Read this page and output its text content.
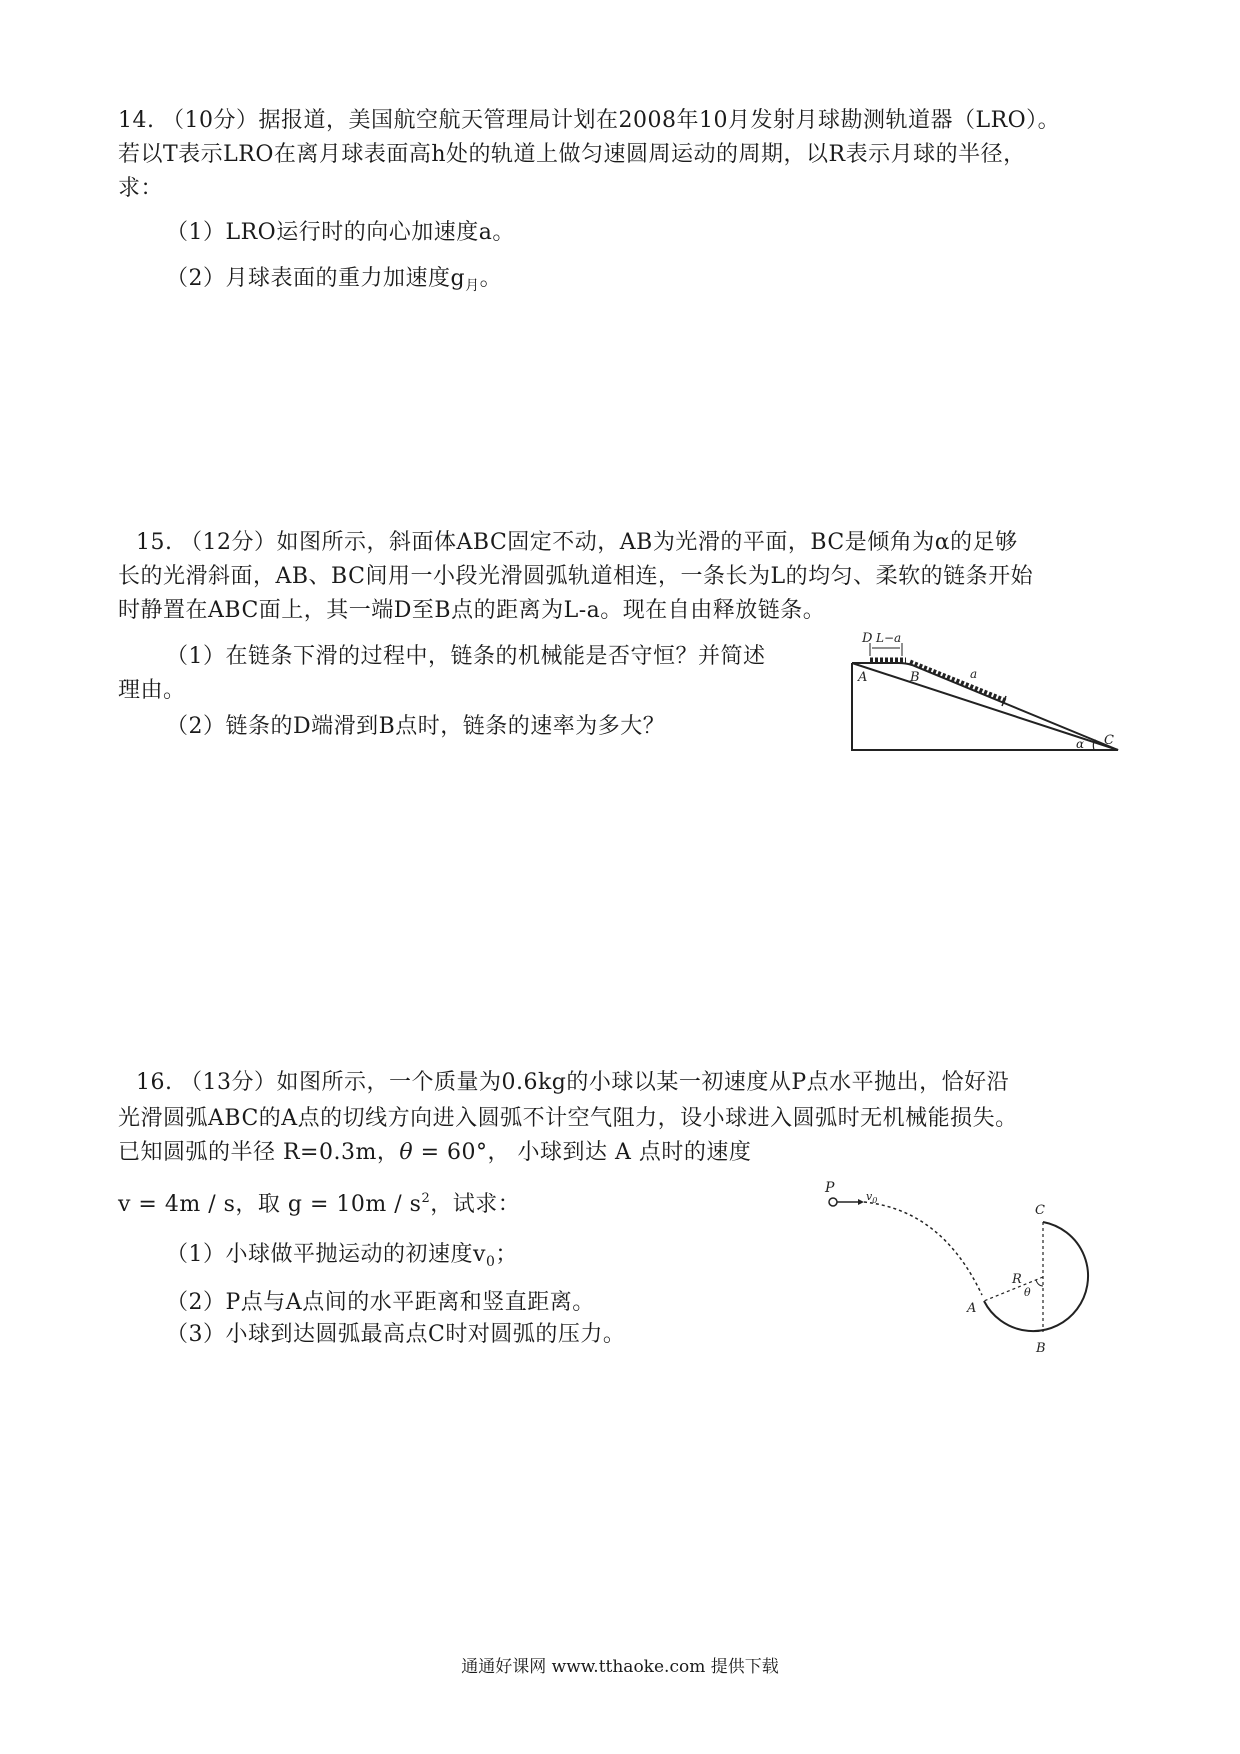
14. （10分）据报道，美国航空航天管理局计划在2008年10月发射月球勘测轨道器（LRO）。
若以T表示LRO在离月球表面高h处的轨道上做匀速圆周运动的周期，以R表示月球的半径，
求：
（1）LRO运行时的向心加速度a。
（2）月球表面的重力加速度$g_月$。
15. （12分）如图所示，斜面体ABC固定不动，AB为光滑的平面，BC是倾角为α的足够
长的光滑斜面，AB、BC间用一小段光滑圆弧轨道相连，一条长为L的均匀、柔软的链条开始
时静置在ABC面上，其一端D至B点的距离为L-a。现在自由释放链条。
（1）在链条下滑的过程中，链条的机械能是否守恒？并简述
理由。
（2）链条的D端滑到B点时，链条的速率为多大？
D L−a
A	B	a
α C
16. （13分）如图所示，一个质量为0.6kg的小球以某一初速度从P点水平抛出，恰好沿
光滑圆弧ABC的A点的切线方向进入圆弧不计空气阻力，设小球进入圆弧时无机械能损失。
已知圆弧的半径 R=0.3m，θ = 60°， 小球到达 A 点时的速度
v = 4m / s，取 $g = 10m / s^2$，试求：
（1）小球做平抛运动的初速度$v_0$；
（2）P点与A点间的水平距离和竖直距离。
（3）小球到达圆弧最高点C时对圆弧的压力。
P
$v_0$
C
R
θ
A
B
通通好课网 www.tthaoke.com 提供下载
